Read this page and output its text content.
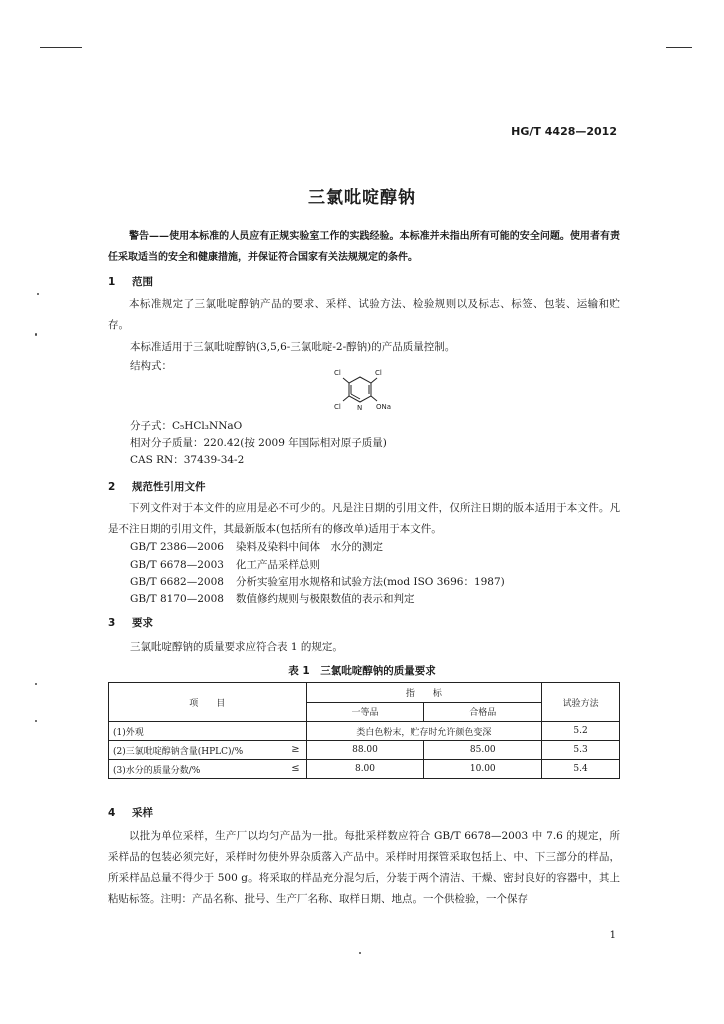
HG/T 4428—2012
三氯吡啶醇钠
警告——使用本标准的人员应有正规实验室工作的实践经验。本标准并未指出所有可能的安全问题。使用者有责任采取适当的安全和健康措施，并保证符合国家有关法规规定的条件。
1 范围
本标准规定了三氯吡啶醇钠产品的要求、采样、试验方法、检验规则以及标志、标签、包装、运输和贮存。
本标准适用于三氯吡啶醇钠(3,5,6-三氯吡啶-2-醇钠)的产品质量控制。
结构式：
Cl	Cl
Cl N ONa
分子式：C₅HCl₃NNaO
相对分子质量：220.42(按 2009 年国际相对原子质量)
CAS RN：37439-34-2
2 规范性引用文件
下列文件对于本文件的应用是必不可少的。凡是注日期的引用文件，仅所注日期的版本适用于本文件。凡是不注日期的引用文件，其最新版本(包括所有的修改单)适用于本文件。
GB/T 2386—2006 染料及染料中间体　水分的测定
GB/T 6678—2003 化工产品采样总则
GB/T 6682—2008 分析实验室用水规格和试验方法(mod ISO 3696：1987)
GB/T 8170—2008 数值修约规则与极限数值的表示和判定
3 要求
三氯吡啶醇钠的质量要求应符合表 1 的规定。
表 1　三氯吡啶醇钠的质量要求
项　　目	指　　标		试验方法
	一等品	合格品	
(1)外观	类白色粉末，贮存时允许颜色变深		5.2
(2)三氯吡啶醇钠含量(HPLC)/% ≥	88.00	85.00	5.3
(3)水分的质量分数/% ≤	8.00	10.00	5.4
4 采样
以批为单位采样，生产厂以均匀产品为一批。每批采样数应符合 GB/T 6678—2003 中 7.6 的规定，所采样品的包装必须完好，采样时勿使外界杂质落入产品中。采样时用探管采取包括上、中、下三部分的样品，所采样品总量不得少于 500 g。将采取的样品充分混匀后，分装于两个清洁、干燥、密封良好的容器中，其上粘贴标签。注明：产品名称、批号、生产厂名称、取样日期、地点。一个供检验，一个保存
1
